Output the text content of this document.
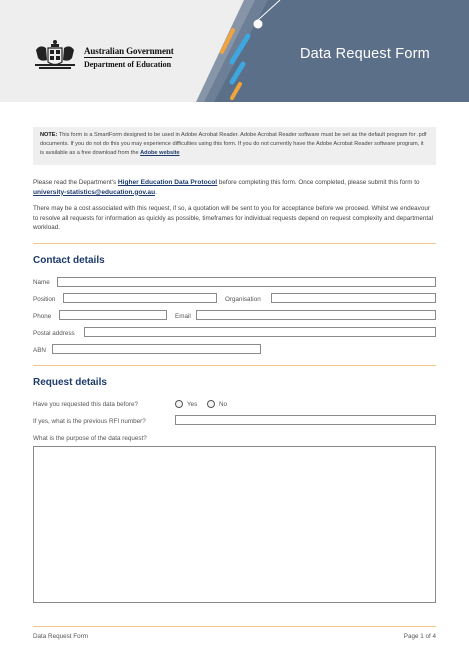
Australian Government
Department of Education
Data Request Form
NOTE: This form is a SmartForm designed to be used in Adobe Acrobat Reader. Adobe Acrobat Reader software must be set as the default program for .pdf documents. If you do not do this you may experience difficulties using this form. If you do not currently have the Adobe Acrobat Reader software program, it is available as a free download from the Adobe website
Please read the Department's Higher Education Data Protocol before completing this form. Once completed, please submit this form to university-statistics@education.gov.au.
There may be a cost associated with this request, if so, a quotation will be sent to you for acceptance before we proceed. Whilst we endeavour to resolve all requests for information as quickly as possible, timeframes for individual requests depend on request complexity and departmental workload.
Contact details
Name
Position	Organisation
Phone	Email
Postal address
ABN
Request details
Have you requested this data before?	Yes	No
If yes, what is the previous RFI number?
What is the purpose of the data request?
Data Request Form	Page 1 of 4
